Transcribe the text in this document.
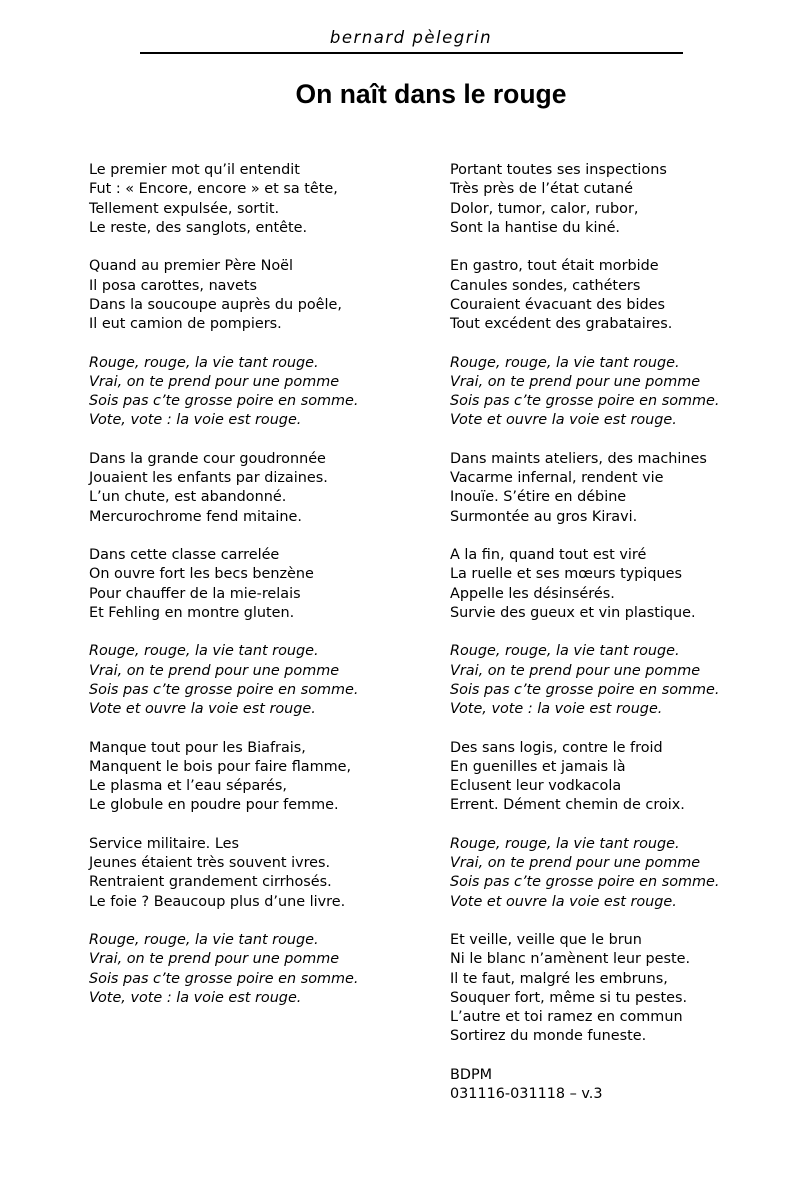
bernard pèlegrin
On naît dans le rouge
Le premier mot qu’il entendit
Fut : « Encore, encore » et sa tête,
Tellement expulsée, sortit.
Le reste, des sanglots, entête.
Quand au premier Père Noël
Il posa carottes, navets
Dans la soucoupe auprès du poêle,
Il eut camion de pompiers.
Rouge, rouge, la vie tant rouge.
Vrai, on te prend pour une pomme
Sois pas c’te grosse poire en somme.
Vote, vote : la voie est rouge.
Dans la grande cour goudronnée
Jouaient les enfants par dizaines.
L’un chute, est abandonné.
Mercurochrome fend mitaine.
Dans cette classe carrelée
On ouvre fort les becs benzène
Pour chauffer de la mie-relais
Et Fehling en montre gluten.
Rouge, rouge, la vie tant rouge.
Vrai, on te prend pour une pomme
Sois pas c’te grosse poire en somme.
Vote et ouvre la voie est rouge.
Manque tout pour les Biafrais,
Manquent le bois pour faire flamme,
Le plasma et l’eau séparés,
Le globule en poudre pour femme.
Service militaire. Les
Jeunes étaient très souvent ivres.
Rentraient grandement cirrhosés.
Le foie ? Beaucoup plus d’une livre.
Rouge, rouge, la vie tant rouge.
Vrai, on te prend pour une pomme
Sois pas c’te grosse poire en somme.
Vote, vote : la voie est rouge.
Portant toutes ses inspections
Très près de l’état cutané
Dolor, tumor, calor, rubor,
Sont la hantise du kiné.
En gastro, tout était morbide
Canules sondes, cathéters
Couraient évacuant des bides
Tout excédent des grabataires.
Rouge, rouge, la vie tant rouge.
Vrai, on te prend pour une pomme
Sois pas c’te grosse poire en somme.
Vote et ouvre la voie est rouge.
Dans maints ateliers, des machines
Vacarme infernal, rendent vie
Inouïe. S’étire en débine
Surmontée au gros Kiravi.
A la fin, quand tout est viré
La ruelle et ses mœurs typiques
Appelle les désinsérés.
Survie des gueux et vin plastique.
Rouge, rouge, la vie tant rouge.
Vrai, on te prend pour une pomme
Sois pas c’te grosse poire en somme.
Vote, vote : la voie est rouge.
Des sans logis, contre le froid
En guenilles et jamais là
Eclusent leur vodkacola
Errent. Dément chemin de croix.
Rouge, rouge, la vie tant rouge.
Vrai, on te prend pour une pomme
Sois pas c’te grosse poire en somme.
Vote et ouvre la voie est rouge.
Et veille, veille que le brun
Ni le blanc n’amènent leur peste.
Il te faut, malgré les embruns,
Souquer fort, même si tu pestes.
L’autre et toi ramez en commun
Sortirez du monde funeste.
BDPM
031116-031118 – v.3
